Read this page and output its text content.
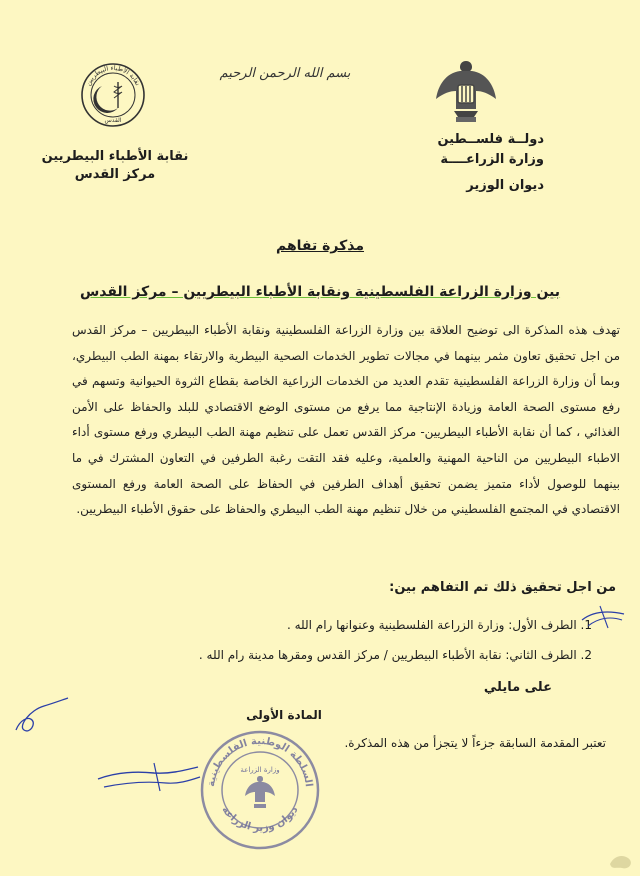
نقابة الأطباء البيطريين
القدس
نقابة الأطباء البيطريين
مركز القدس
بسم الله الرحمن الرحيم
دولــة فلســطين
وزارة الزراعــــة
ديوان الوزير
مذكرة تفاهم
بين وزارة الزراعة الفلسطينية ونقابة الأطباء البيطريين – مركز القدس
تهدف هذه المذكرة الى توضيح العلاقة بين وزارة الزراعة الفلسطينية ونقابة الأطباء البيطريين – مركز القدس من اجل تحقيق تعاون مثمر بينهما في مجالات تطوير الخدمات الصحية البيطرية والارتقاء بمهنة الطب البيطري، وبما أن وزارة الزراعة الفلسطينية تقدم العديد من الخدمات الزراعية الخاصة بقطاع الثروة الحيوانية وتسهم في رفع مستوى الصحة العامة وزيادة الإنتاجية مما يرفع من مستوى الوضع الاقتصادي للبلد والحفاظ على الأمن الغذائي ، كما أن نقابة الأطباء البيطريين- مركز القدس تعمل على تنظيم مهنة الطب البيطري ورفع مستوى أداء الاطباء البيطريين من الناحية المهنية والعلمية، وعليه فقد التقت رغبة الطرفين في التعاون المشترك في ما بينهما للوصول لأداء متميز يضمن تحقيق أهداف الطرفين في الحفاظ على الصحة العامة ورفع المستوى الاقتصادي في المجتمع الفلسطيني من خلال تنظيم مهنة الطب البيطري والحفاظ على حقوق الأطباء البيطريين.
من اجل تحقيق ذلك تم التفاهم بين:
1. الطرف الأول: وزارة الزراعة الفلسطينية وعنوانها رام الله .
2. الطرف الثاني: نقابة الأطباء البيطريين / مركز القدس ومقرها مدينة رام الله .
على مايلي
المادة الأولى
تعتبر المقدمة السابقة جزءاً لا يتجزأ من هذه المذكرة.
السلطة الوطنية الفلسطينية
ديوان وزير الزراعة
وزارة الزراعة
